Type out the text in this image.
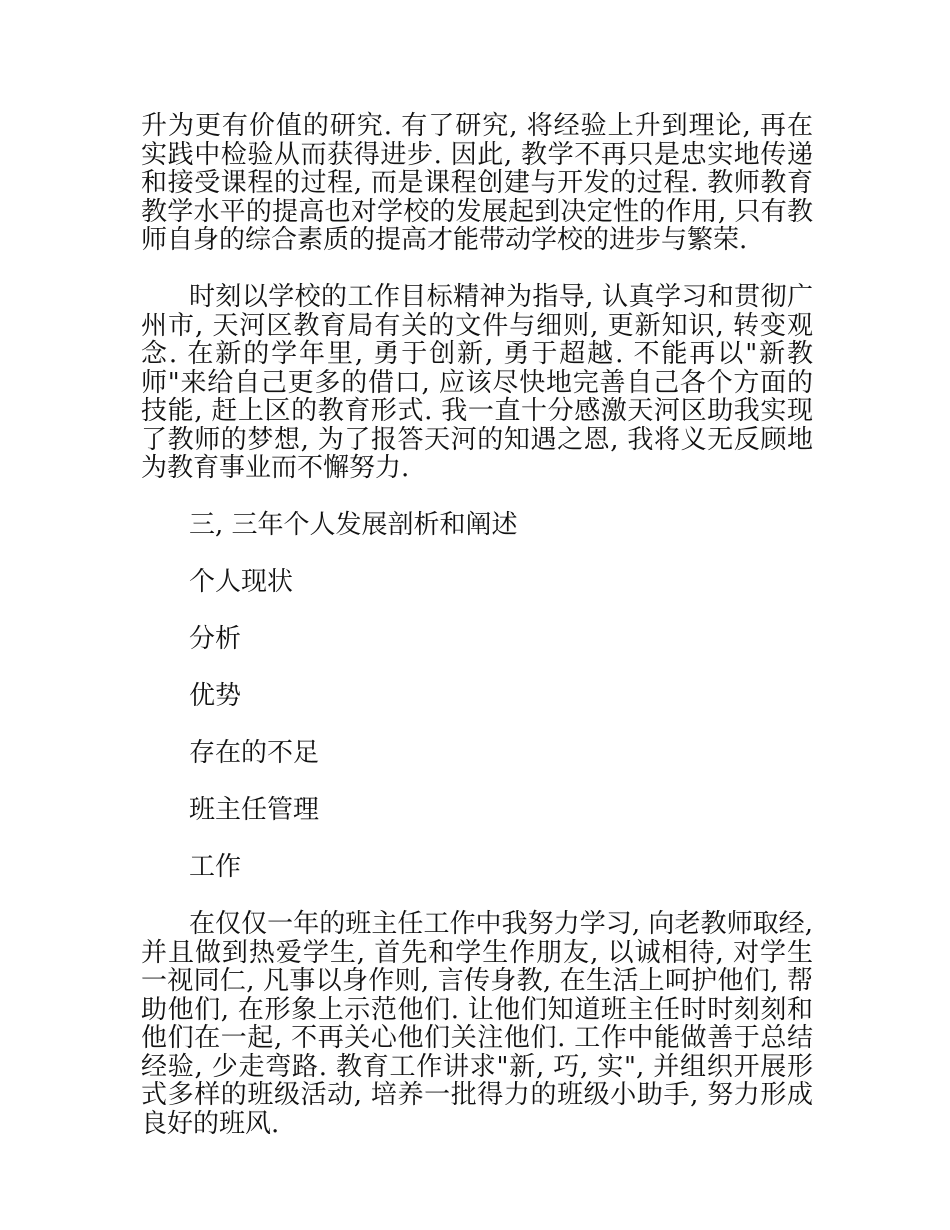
升为更有价值的研究. 有了研究, 将经验上升到理论, 再在实践中检验从而获得进步. 因此, 教学不再只是忠实地传递和接受课程的过程, 而是课程创建与开发的过程. 教师教育教学水平的提高也对学校的发展起到决定性的作用, 只有教师自身的综合素质的提高才能带动学校的进步与繁荣.

时刻以学校的工作目标精神为指导, 认真学习和贯彻广州市, 天河区教育局有关的文件与细则, 更新知识, 转变观念. 在新的学年里, 勇于创新, 勇于超越. 不能再以"新教师"来给自己更多的借口, 应该尽快地完善自己各个方面的技能, 赶上区的教育形式. 我一直十分感激天河区助我实现了教师的梦想, 为了报答天河的知遇之恩, 我将义无反顾地为教育事业而不懈努力.

三, 三年个人发展剖析和阐述

个人现状

分析

优势

存在的不足

班主任管理

工作

在仅仅一年的班主任工作中我努力学习, 向老教师取经, 并且做到热爱学生, 首先和学生作朋友, 以诚相待, 对学生一视同仁, 凡事以身作则, 言传身教, 在生活上呵护他们, 帮助他们, 在形象上示范他们. 让他们知道班主任时时刻刻和他们在一起, 不再关心他们关注他们. 工作中能做善于总结经验, 少走弯路. 教育工作讲求"新, 巧, 实", 并组织开展形式多样的班级活动, 培养一批得力的班级小助手, 努力形成良好的班风.
